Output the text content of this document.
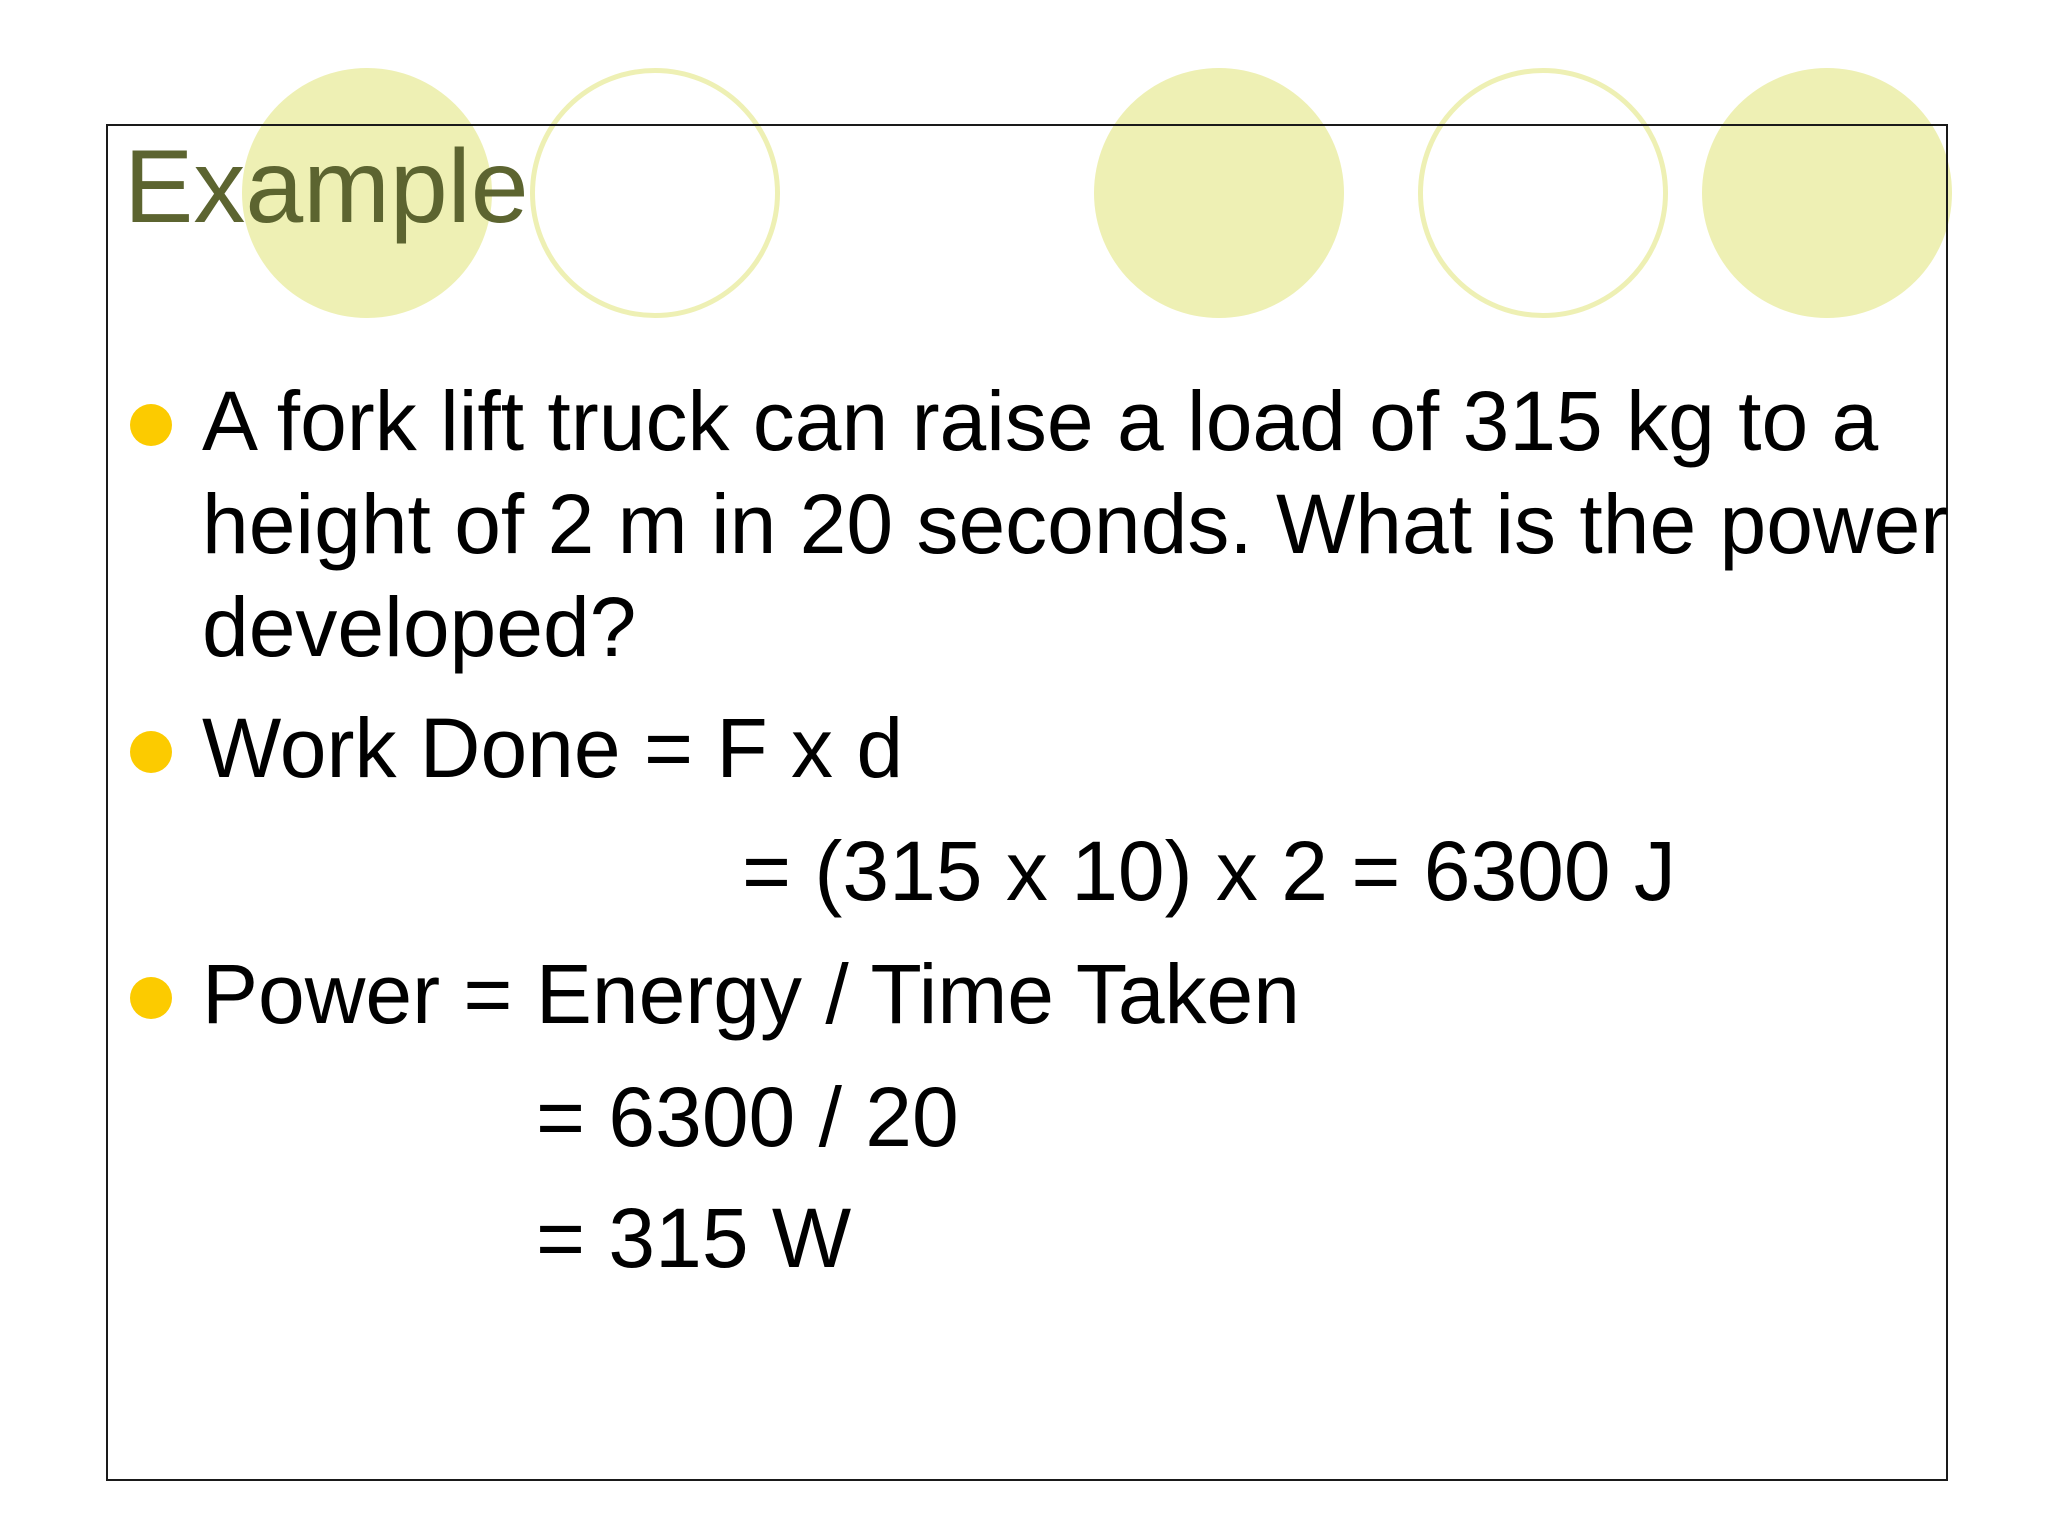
Example
A fork lift truck can raise a load of 315 kg to a height of 2 m in 20 seconds. What is the power developed?
Work Done = F x d
= (315 x 10) x 2 = 6300 J
Power = Energy / Time Taken
= 6300 / 20
= 315 W
